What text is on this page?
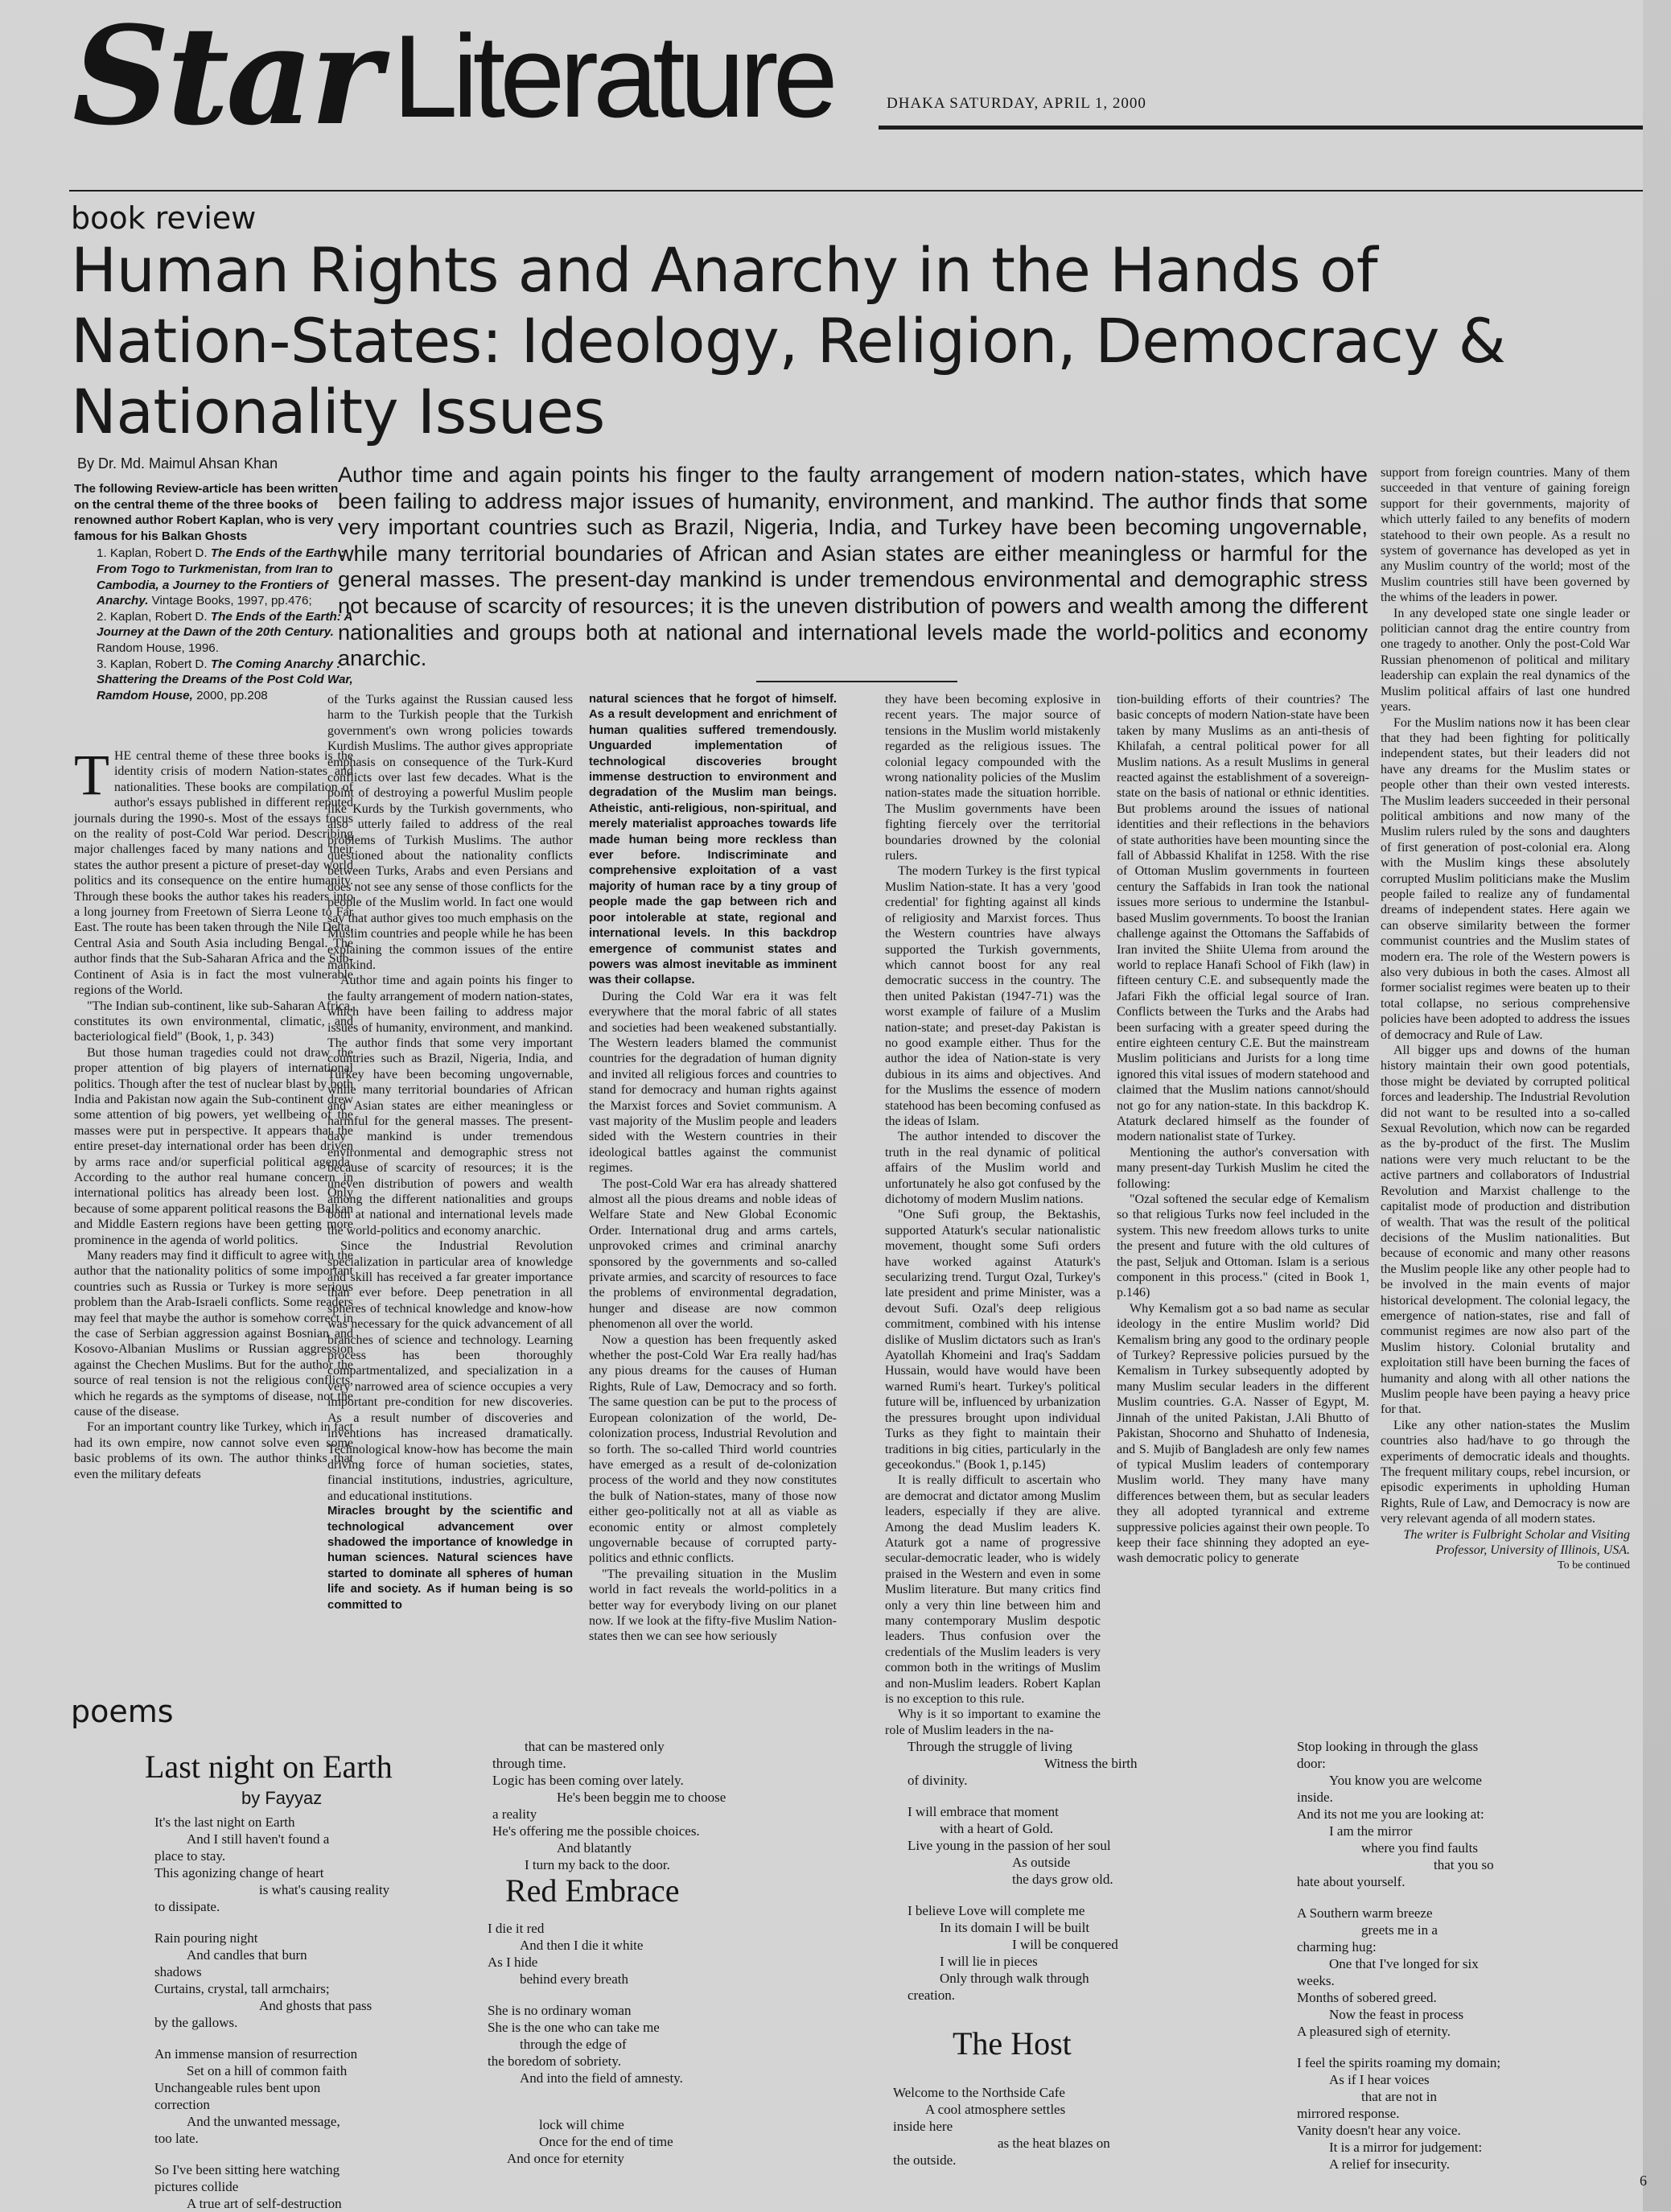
Star Literature	DHAKA SATURDAY, APRIL 1, 2000
book review
Human Rights and Anarchy in the Hands of Nation-States: Ideology, Religion, Democracy & Nationality Issues
By Dr. Md. Maimul Ahsan Khan

The following Review-article has been written on the central theme of the three books of renowned author Robert Kaplan, who is very famous for his Balkan Ghosts

1. Kaplan, Robert D. The Ends of the Earth : From Togo to Turkmenistan, from Iran to Cambodia, a Journey to the Frontiers of Anarchy. Vintage Books, 1997, pp.476;

2. Kaplan, Robert D. The Ends of the Earth: A Journey at the Dawn of the 20th Century. Random House, 1996.

3. Kaplan, Robert D. The Coming Anarchy : Shattering the Dreams of the Post Cold War, Ramdom House, 2000, pp.208

Author time and again points his finger to the faulty arrangement of modern nation-states, which have been failing to address major issues of humanity, environment, and mankind. The author finds that some very important countries such as Brazil, Nigeria, India, and Turkey have been becoming ungovernable, while many territorial boundaries of African and Asian states are either meaningless or harmful for the general masses. The present-day mankind is under tremendous environmental and demographic stress not because of scarcity of resources; it is the uneven distribution of powers and wealth among the different nationalities and groups both at national and international levels made the world-politics and economy anarchic.

THE central theme of these three books is the identity crisis of modern Nation-states and nationalities. These books are compilation of author's essays published in different reputed journals during the 1990-s. Most of the essays focus on the reality of post-Cold War period. Describing major challenges faced by many nations and their states the author present a picture of preset-day world politics and its consequence on the entire humanity. Through these books the author takes his readers into a long journey from Freetown of Sierra Leone to Far East. The route has been taken through the Nile Delta, Central Asia and South Asia including Bengal. The author finds that the Sub-Saharan Africa and the Sub-Continent of Asia is in fact the most vulnerable regions of the World.

"The Indian sub-continent, like sub-Saharan Africa, constitutes its own environmental, climatic, and bacteriological field" (Book, 1, p. 343)

But those human tragedies could not draw the proper attention of big players of international politics. Though after the test of nuclear blast by both India and Pakistan now again the Sub-continent drew some attention of big powers, yet wellbeing of the masses were put in perspective. It appears that the entire preset-day international order has been driven by arms race and/or superficial political agenda. According to the author real humane concern in international politics has already been lost. Only because of some apparent political reasons the Balkan and Middle Eastern regions have been getting more prominence in the agenda of world politics.

Many readers may find it difficult to agree with the author that the nationality politics of some important countries such as Russia or Turkey is more serious problem than the Arab-Israeli conflicts. Some readers may feel that maybe the author is somehow correct in the case of Serbian aggression against Bosnian and Kosovo-Albanian Muslims or Russian aggression against the Chechen Muslims. But for the author the source of real tension is not the religious conflicts, which he regards as the symptoms of disease, not the cause of the disease.

For an important country like Turkey, which in fact had its own empire, now cannot solve even some basic problems of its own. The author thinks that even the military defeats

of the Turks against the Russian caused less harm to the Turkish people that the Turkish government's own wrong policies towards Kurdish Muslims. The author gives appropriate emphasis on consequence of the Turk-Kurd conflicts over last few decades. What is the point of destroying a powerful Muslim people like Kurds by the Turkish governments, who also utterly failed to address of the real problems of Turkish Muslims. The author questioned about the nationality conflicts between Turks, Arabs and even Persians and does not see any sense of those conflicts for the people of the Muslim world. In fact one would say that author gives too much emphasis on the Muslim countries and people while he has been explaining the common issues of the entire mankind.

Author time and again points his finger to the faulty arrangement of modern nation-states, which have been failing to address major issues of humanity, environment, and mankind. The author finds that some very important countries such as Brazil, Nigeria, India, and Turkey have been becoming ungovernable, while many territorial boundaries of African and Asian states are either meaningless or harmful for the general masses. The present-day mankind is under tremendous environmental and demographic stress not because of scarcity of resources; it is the uneven distribution of powers and wealth among the different nationalities and groups both at national and international levels made the world-politics and economy anarchic.

Since the Industrial Revolution specialization in particular area of knowledge and skill has received a far greater importance than ever before. Deep penetration in all spheres of technical knowledge and know-how was necessary for the quick advancement of all branches of science and technology. Learning process has been thoroughly compartmentalized, and specialization in a very narrowed area of science occupies a very important pre-condition for new discoveries. As a result number of discoveries and inventions has increased dramatically. Technological know-how has become the main driving force of human societies, states, financial institutions, industries, agriculture, and educational institutions.

Miracles brought by the scientific and technological advancement over shadowed the importance of knowledge in human sciences. Natural sciences have started to dominate all spheres of human life and society. As if human being is so committed to

natural sciences that he forgot of himself. As a result development and enrichment of human qualities suffered tremendously. Unguarded implementation of technological discoveries brought immense destruction to environment and degradation of the Muslim man beings. Atheistic, anti-religious, non-spiritual, and merely materialist approaches towards life made human being more reckless than ever before. Indiscriminate and comprehensive exploitation of a vast majority of human race by a tiny group of people made the gap between rich and poor intolerable at state, regional and international levels. In this backdrop emergence of communist states and powers was almost inevitable as imminent was their collapse.

During the Cold War era it was felt everywhere that the moral fabric of all states and societies had been weakened substantially. The Western leaders blamed the communist countries for the degradation of human dignity and invited all religious forces and countries to stand for democracy and human rights against the Marxist forces and Soviet communism. A vast majority of the Muslim people and leaders sided with the Western countries in their ideological battles against the communist regimes.

The post-Cold War era has already shattered almost all the pious dreams and noble ideas of Welfare State and New Global Economic Order. International drug and arms cartels, unprovoked crimes and criminal anarchy sponsored by the governments and so-called private armies, and scarcity of resources to face the problems of environmental degradation, hunger and disease are now common phenomenon all over the world.

Now a question has been frequently asked whether the post-Cold War Era really had/has any pious dreams for the causes of Human Rights, Rule of Law, Democracy and so forth. The same question can be put to the process of European colonization of the world, De-colonization process, Industrial Revolution and so forth. The so-called Third world countries have emerged as a result of de-colonization process of the world and they now constitutes the bulk of Nation-states, many of those now either geo-politically not at all as viable as economic entity or almost completely ungovernable because of corrupted party-politics and ethnic conflicts.

"The prevailing situation in the Muslim world in fact reveals the world-politics in a better way for everybody living on our planet now. If we look at the fifty-five Muslim Nation-states then we can see how seriously

they have been becoming explosive in recent years. The major source of tensions in the Muslim world mistakenly regarded as the religious issues. The colonial legacy compounded with the wrong nationality policies of the Muslim nation-states made the situation horrible. The Muslim governments have been fighting fiercely over the territorial boundaries drowned by the colonial rulers.

The modern Turkey is the first typical Muslim Nation-state. It has a very 'good credential' for fighting against all kinds of religiosity and Marxist forces. Thus the Western countries have always supported the Turkish governments, which cannot boost for any real democratic success in the country. The then united Pakistan (1947-71) was the worst example of failure of a Muslim nation-state; and preset-day Pakistan is no good example either. Thus for the author the idea of Nation-state is very dubious in its aims and objectives. And for the Muslims the essence of modern statehood has been becoming confused as the ideas of Islam.

The author intended to discover the truth in the real dynamic of political affairs of the Muslim world and unfortunately he also got confused by the dichotomy of modern Muslim nations.

"One Sufi group, the Bektashis, supported Ataturk's secular nationalistic movement, thought some Sufi orders have worked against Ataturk's secularizing trend. Turgut Ozal, Turkey's late president and prime Minister, was a devout Sufi. Ozal's deep religious commitment, combined with his intense dislike of Muslim dictators such as Iran's Ayatollah Khomeini and Iraq's Saddam Hussain, would have would have been warned Rumi's heart. Turkey's political future will be, influenced by urbanization the pressures brought upon individual Turks as they fight to maintain their traditions in big cities, particularly in the geceokondus." (Book 1, p.145)

It is really difficult to ascertain who are democrat and dictator among Muslim leaders, especially if they are alive. Among the dead Muslim leaders K. Ataturk got a name of progressive secular-democratic leader, who is widely praised in the Western and even in some Muslim literature. But many critics find only a very thin line between him and many contemporary Muslim despotic leaders. Thus confusion over the credentials of the Muslim leaders is very common both in the writings of Muslim and non-Muslim leaders. Robert Kaplan is no exception to this rule.

Why is it so important to examine the role of Muslim leaders in the na-

tion-building efforts of their countries? The basic concepts of modern Nation-state have been taken by many Muslims as an anti-thesis of Khilafah, a central political power for all Muslim nations. As a result Muslims in general reacted against the establishment of a sovereign-state on the basis of national or ethnic identities. But problems around the issues of national identities and their reflections in the behaviors of state authorities have been mounting since the fall of Abbassid Khalifat in 1258. With the rise of Ottoman Muslim governments in fourteen century the Saffabids in Iran took the national issues more serious to undermine the Istanbul-based Muslim governments. To boost the Iranian challenge against the Ottomans the Saffabids of Iran invited the Shiite Ulema from around the world to replace Hanafi School of Fikh (law) in fifteen century C.E. and subsequently made the Jafari Fikh the official legal source of Iran. Conflicts between the Turks and the Arabs had been surfacing with a greater speed during the entire eighteen century C.E. But the mainstream Muslim politicians and Jurists for a long time ignored this vital issues of modern statehood and claimed that the Muslim nations cannot/should not go for any nation-state. In this backdrop K. Ataturk declared himself as the founder of modern nationalist state of Turkey.

Mentioning the author's conversation with many present-day Turkish Muslim he cited the following:

"Ozal softened the secular edge of Kemalism so that religious Turks now feel included in the system. This new freedom allows turks to unite the present and future with the old cultures of the past, Seljuk and Ottoman. Islam is a serious component in this process." (cited in Book 1, p.146)

Why Kemalism got a so bad name as secular ideology in the entire Muslim world? Did Kemalism bring any good to the ordinary people of Turkey? Repressive policies pursued by the Kemalism in Turkey subsequently adopted by many Muslim secular leaders in the different Muslim countries. G.A. Nasser of Egypt, M. Jinnah of the united Pakistan, J.Ali Bhutto of Pakistan, Shocorno and Shuhatto of Indenesia, and S. Mujib of Bangladesh are only few names of typical Muslim leaders of contemporary Muslim world. They many have many differences between them, but as secular leaders they all adopted tyrannical and extreme suppressive policies against their own people. To keep their face shinning they adopted an eye-wash democratic policy to generate

support from foreign countries. Many of them succeeded in that venture of gaining foreign support for their governments, majority of which utterly failed to any benefits of modern statehood to their own people. As a result no system of governance has developed as yet in any Muslim country of the world; most of the Muslim countries still have been governed by the whims of the leaders in power.

In any developed state one single leader or politician cannot drag the entire country from one tragedy to another. Only the post-Cold War Russian phenomenon of political and military leadership can explain the real dynamics of the Muslim political affairs of last one hundred years.

For the Muslim nations now it has been clear that they had been fighting for politically independent states, but their leaders did not have any dreams for the Muslim states or people other than their own vested interests. The Muslim leaders succeeded in their personal political ambitions and now many of the Muslim rulers ruled by the sons and daughters of first generation of post-colonial era. Along with the Muslim kings these absolutely corrupted Muslim politicians make the Muslim people failed to realize any of fundamental dreams of independent states. Here again we can observe similarity between the former communist countries and the Muslim states of modern era. The role of the Western powers is also very dubious in both the cases. Almost all former socialist regimes were beaten up to their total collapse, no serious comprehensive policies have been adopted to address the issues of democracy and Rule of Law.

All bigger ups and downs of the human history maintain their own good potentials, those might be deviated by corrupted political forces and leadership. The Industrial Revolution did not want to be resulted into a so-called Sexual Revolution, which now can be regarded as the by-product of the first. The Muslim nations were very much reluctant to be the active partners and collaborators of Industrial Revolution and Marxist challenge to the capitalist mode of production and distribution of wealth. That was the result of the political decisions of the Muslim nationalities. But because of economic and many other reasons the Muslim people like any other people had to be involved in the main events of major historical development. The colonial legacy, the emergence of nation-states, rise and fall of communist regimes are now also part of the Muslim history. Colonial brutality and exploitation still have been burning the faces of humanity and along with all other nations the Muslim people have been paying a heavy price for that.

Like any other nation-states the Muslim countries also had/have to go through the experiments of democratic ideals and thoughts. The frequent military coups, rebel incursion, or episodic experiments in upholding Human Rights, Rule of Law, and Democracy is now are very relevant agenda of all modern states.

The writer is Fulbright Scholar and Visiting Professor, University of Illinois, USA.

To be continued

poems
Last night on Earth
by Fayyaz

It's the last night on Earth

And I still haven't found a

place to stay.

This agonizing change of heart

is what's causing reality

to dissipate.

Rain pouring night

And candles that burn

shadows

Curtains, crystal, tall armchairs;

And ghosts that pass

by the gallows.

An immense mansion of resurrection

Set on a hill of common faith

Unchangeable rules bent upon

correction

And the unwanted message,

too late.

So I've been sitting here watching

pictures collide

A true art of self-destruction

that can be mastered only

through time.

Logic has been coming over lately.

He's been beggin me to choose

a reality

He's offering me the possible choices.

And blatantly

I turn my back to the door.

Red Embrace

I die it red

And then I die it white

As I hide

behind every breath

She is no ordinary woman

She is the one who can take me

through the edge of

the boredom of sobriety.

And into the field of amnesty.

lock will chime

Once for the end of time

And once for eternity

Through the struggle of living

Witness the birth

of divinity.

I will embrace that moment

with a heart of Gold.

Live young in the passion of her soul

As outside

the days grow old.

I believe Love will complete me

In its domain I will be built

I will be conquered

I will lie in pieces

Only through walk through

creation.

The Host

Welcome to the Northside Cafe

A cool atmosphere settles

inside here

as the heat blazes on

the outside.

Stop looking in through the glass

door:

You know you are welcome

inside.

And its not me you are looking at:

I am the mirror

where you find faults

that you so

hate about yourself.

A Southern warm breeze

greets me in a

charming hug:

One that I've longed for six

weeks.

Months of sobered greed.

Now the feast in process

A pleasured sigh of eternity.

I feel the spirits roaming my domain;

As if I hear voices

that are not in

mirrored response.

Vanity doesn't hear any voice.

It is a mirror for judgement:

A relief for insecurity.

6
